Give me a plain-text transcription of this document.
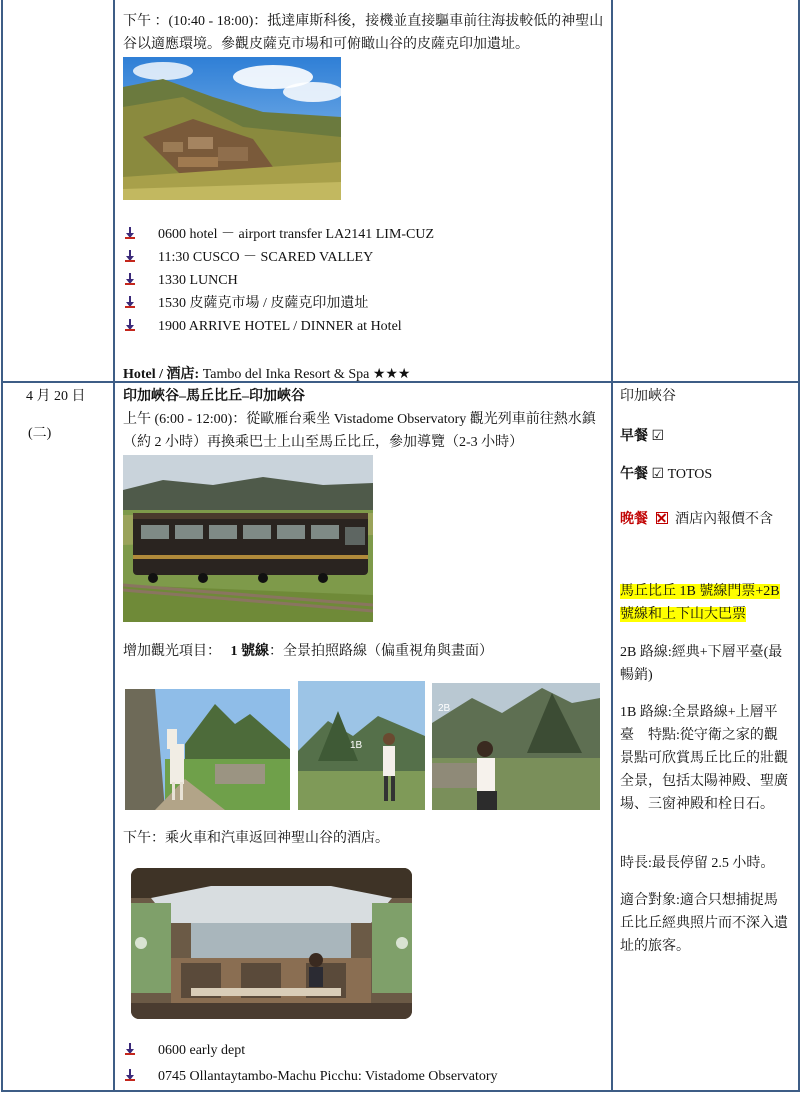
下午 ：(10:40 - 18:00)：抵達庫斯科後，接機並直接驅車前往海拔較低的神聖山谷以適應環境。參觀皮薩克市場和可俯瞰山谷的皮薩克印加遺址。
0600 hotel － airport transfer LA2141 LIM-CUZ
11:30 CUSCO － SCARED VALLEY
1330 LUNCH
1530 皮薩克市場 / 皮薩克印加遺址
1900 ARRIVE HOTEL / DINNER at Hotel
Hotel / 酒店: Tambo del Inka Resort & Spa ★★★
4 月 20 日
(二)
印加峽谷–馬丘比丘–印加峽谷
上午 (6:00 - 12:00)：從歐雁台乘坐 Vistadome Observatory 觀光列車前往熱水鎮（約 2 小時）再換乘巴士上山至馬丘比丘，參加導覽（2-3 小時）
增加觀光項目： 1 號線：全景拍照路線（偏重視角與畫面）
1B
2B
下午：乘火車和汽車返回神聖山谷的酒店。
0600 early dept
0745 Ollantaytambo-Machu Picchu: Vistadome Observatory
印加峽谷
早餐 ☑
午餐 ☑ TOTOS
晚餐 酒店內報價不含
馬丘比丘 1B 號線門票+2B號線和上下山大巴票
2B 路線:經典+下層平臺(最暢銷)
1B 路線:全景路線+上層平臺　特點:從守衛之家的觀景點可欣賞馬丘比丘的壯觀全景，包括太陽神殿、聖廣場、三窗神殿和栓日石。
時長:最長停留 2.5 小時。
適合對象:適合只想捕捉馬丘比丘經典照片而不深入遺址的旅客。
